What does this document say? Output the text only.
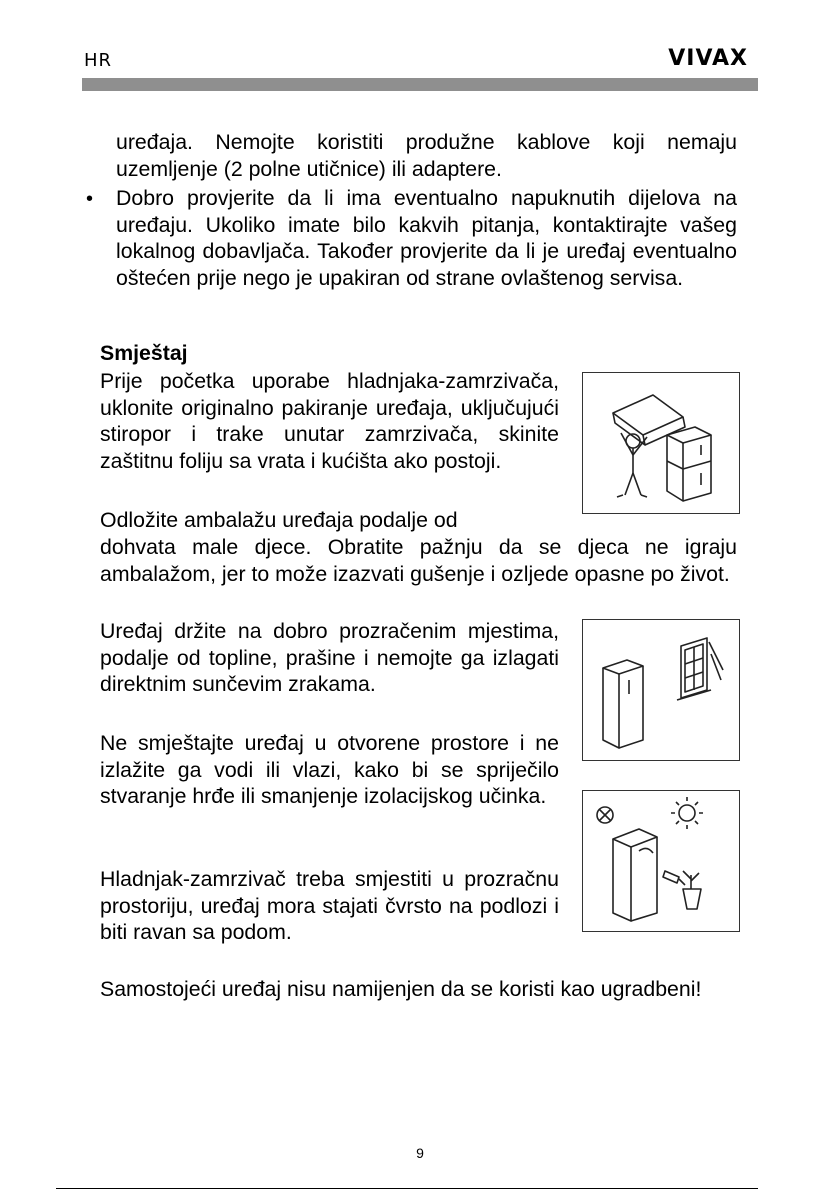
HR	VIVAX
uređaja. Nemojte koristiti produžne kablove koji nemaju uzemljenje (2 polne utičnice) ili adaptere.
• Dobro provjerite da li ima eventualno napuknutih dijelova na uređaju. Ukoliko imate bilo kakvih pitanja, kontaktirajte vašeg lokalnog dobavljača. Također provjerite da li je uređaj eventualno oštećen prije nego je upakiran od strane ovlaštenog servisa.
Smještaj
Prije početka uporabe hladnjaka-zamrzivača, uklonite originalno pakiranje uređaja, uključujući stiropor i trake unutar zamrzivača, skinite zaštitnu foliju sa vrata i kućišta ako postoji.
Odložite ambalažu uređaja podalje od
dohvata male djece. Obratite pažnju da se djeca ne igraju ambalažom, jer to može izazvati gušenje i ozljede opasne po život.
Uređaj držite na dobro prozračenim mjestima, podalje od topline, prašine i nemojte ga izlagati direktnim sunčevim zrakama.
Ne smještajte uređaj u otvorene prostore i ne izlažite ga vodi ili vlazi, kako bi se spriječilo stvaranje hrđe ili smanjenje izolacijskog učinka.
Hladnjak-zamrzivač treba smjestiti u prozračnu prostoriju, uređaj mora stajati čvrsto na podlozi i biti ravan sa podom.
Samostojeći uređaj nisu namijenjen da se koristi kao ugradbeni!
9
